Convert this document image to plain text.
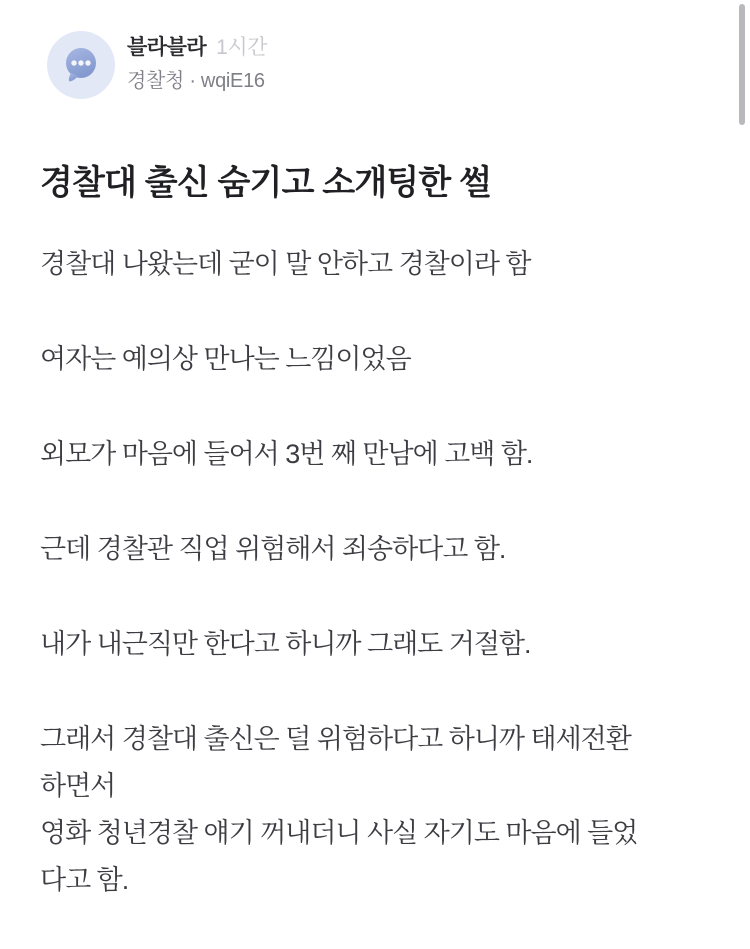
블라블라 1시간
경찰청 · wqiE16
경찰대 출신 숨기고 소개팅한 썰
경찰대 나왔는데 굳이 말 안하고 경찰이라 함
여자는 예의상 만나는 느낌이었음
외모가 마음에 들어서 3번 째 만남에 고백 함.
근데 경찰관 직업 위험해서 죄송하다고 함.
내가 내근직만 한다고 하니까 그래도 거절함.
그래서 경찰대 출신은 덜 위험하다고 하니까 태세전환
하면서
영화 청년경찰 얘기 꺼내더니 사실 자기도 마음에 들었
다고 함.
